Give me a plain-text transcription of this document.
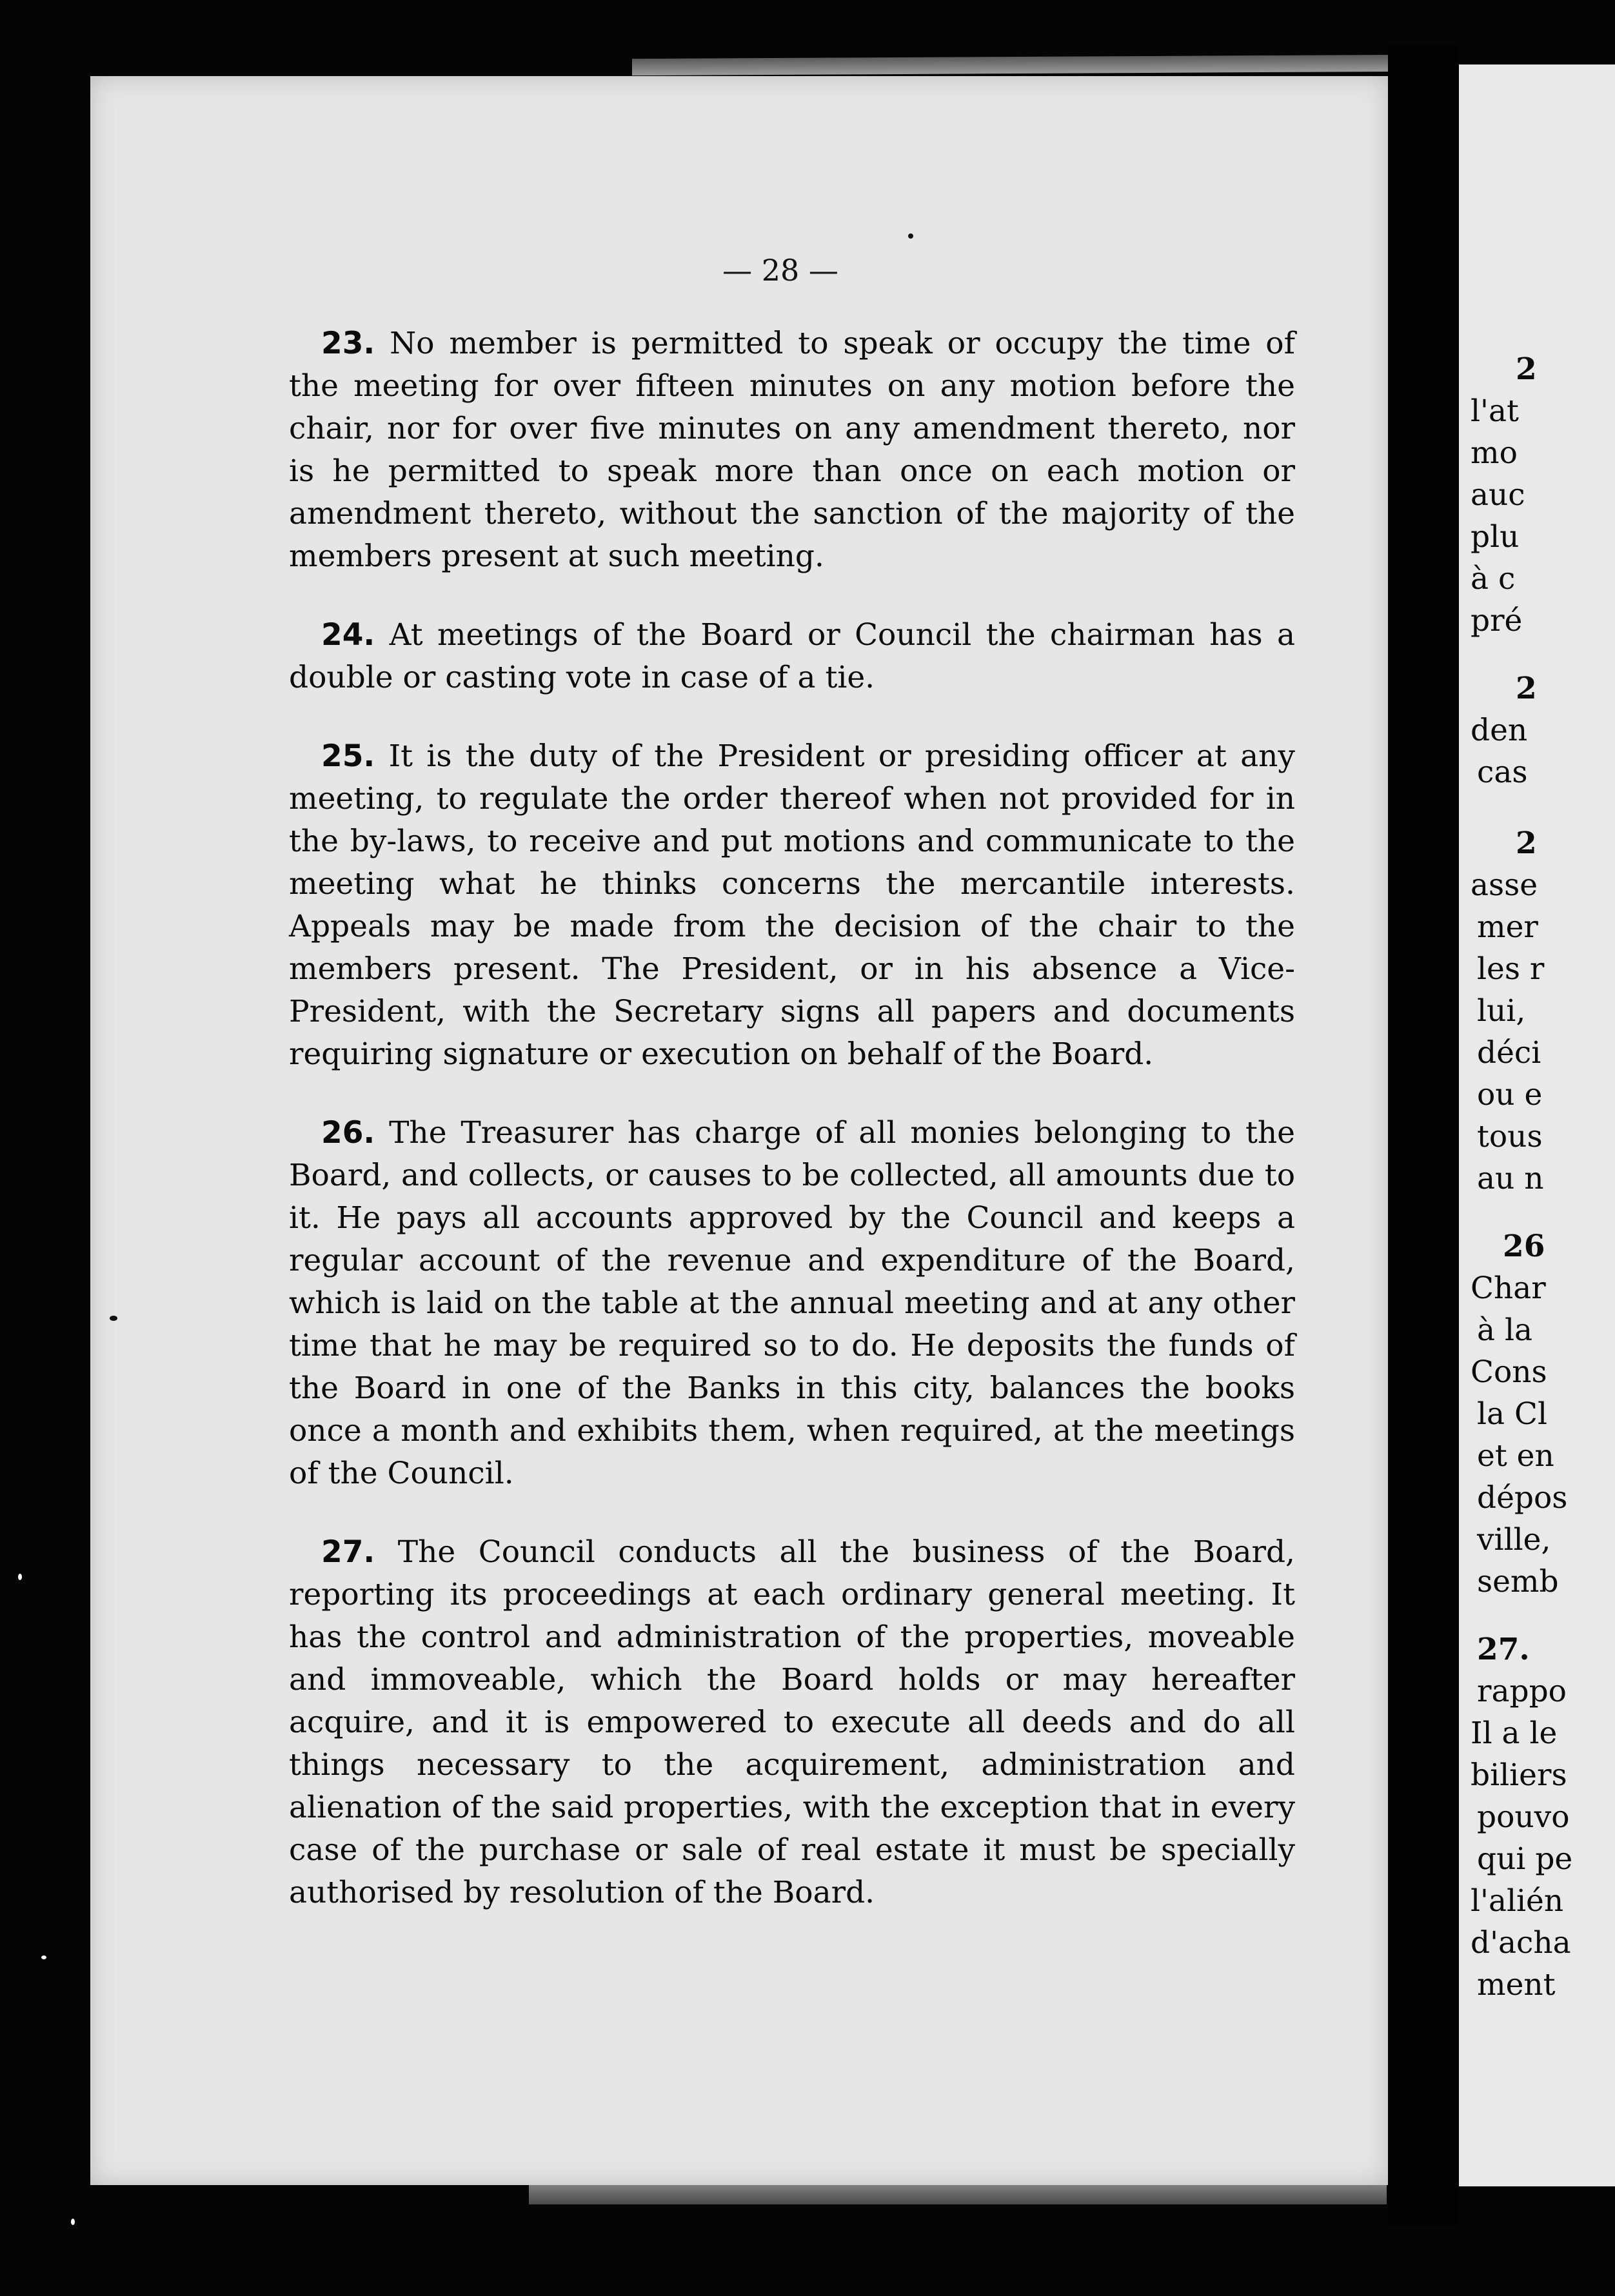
— 28 —

23. No member is permitted to speak or occupy the time of the meeting for over fifteen minutes on any motion before the chair, nor for over five minutes on any amendment thereto, nor is he permitted to speak more than once on each motion or amendment thereto, without the sanction of the majority of the members present at such meeting.

24. At meetings of the Board or Council the chairman has a double or casting vote in case of a tie.

25. It is the duty of the President or presiding officer at any meeting, to regulate the order thereof when not provided for in the by-laws, to receive and put motions and communicate to the meeting what he thinks concerns the mercantile interests. Appeals may be made from the decision of the chair to the members present. The President, or in his absence a Vice-President, with the Secretary signs all papers and documents requiring signature or execution on behalf of the Board.

26. The Treasurer has charge of all monies belonging to the Board, and collects, or causes to be collected, all amounts due to it. He pays all accounts approved by the Council and keeps a regular account of the revenue and expenditure of the Board, which is laid on the table at the annual meeting and at any other time that he may be required so to do. He deposits the funds of the Board in one of the Banks in this city, balances the books once a month and exhibits them, when required, at the meetings of the Council.

27. The Council conducts all the business of the Board, reporting its proceedings at each ordinary general meeting. It has the control and administration of the properties, moveable and immoveable, which the Board holds or may hereafter acquire, and it is empowered to execute all deeds and do all things necessary to the acquirement, administration and alienation of the said properties, with the exception that in every case of the purchase or sale of real estate it must be specially authorised by resolution of the Board.

2
l'at
mo
auc
plu
à c
pré
2
den
cas
2
asse
mer
les r
lui,
déci
ou e
tous
au n
26
Char
à la
Cons
la Cl
et en
dépos
ville,
semb
27.
rappo
Il a le
biliers
pouvo
qui pe
l'alién
d'acha
ment
